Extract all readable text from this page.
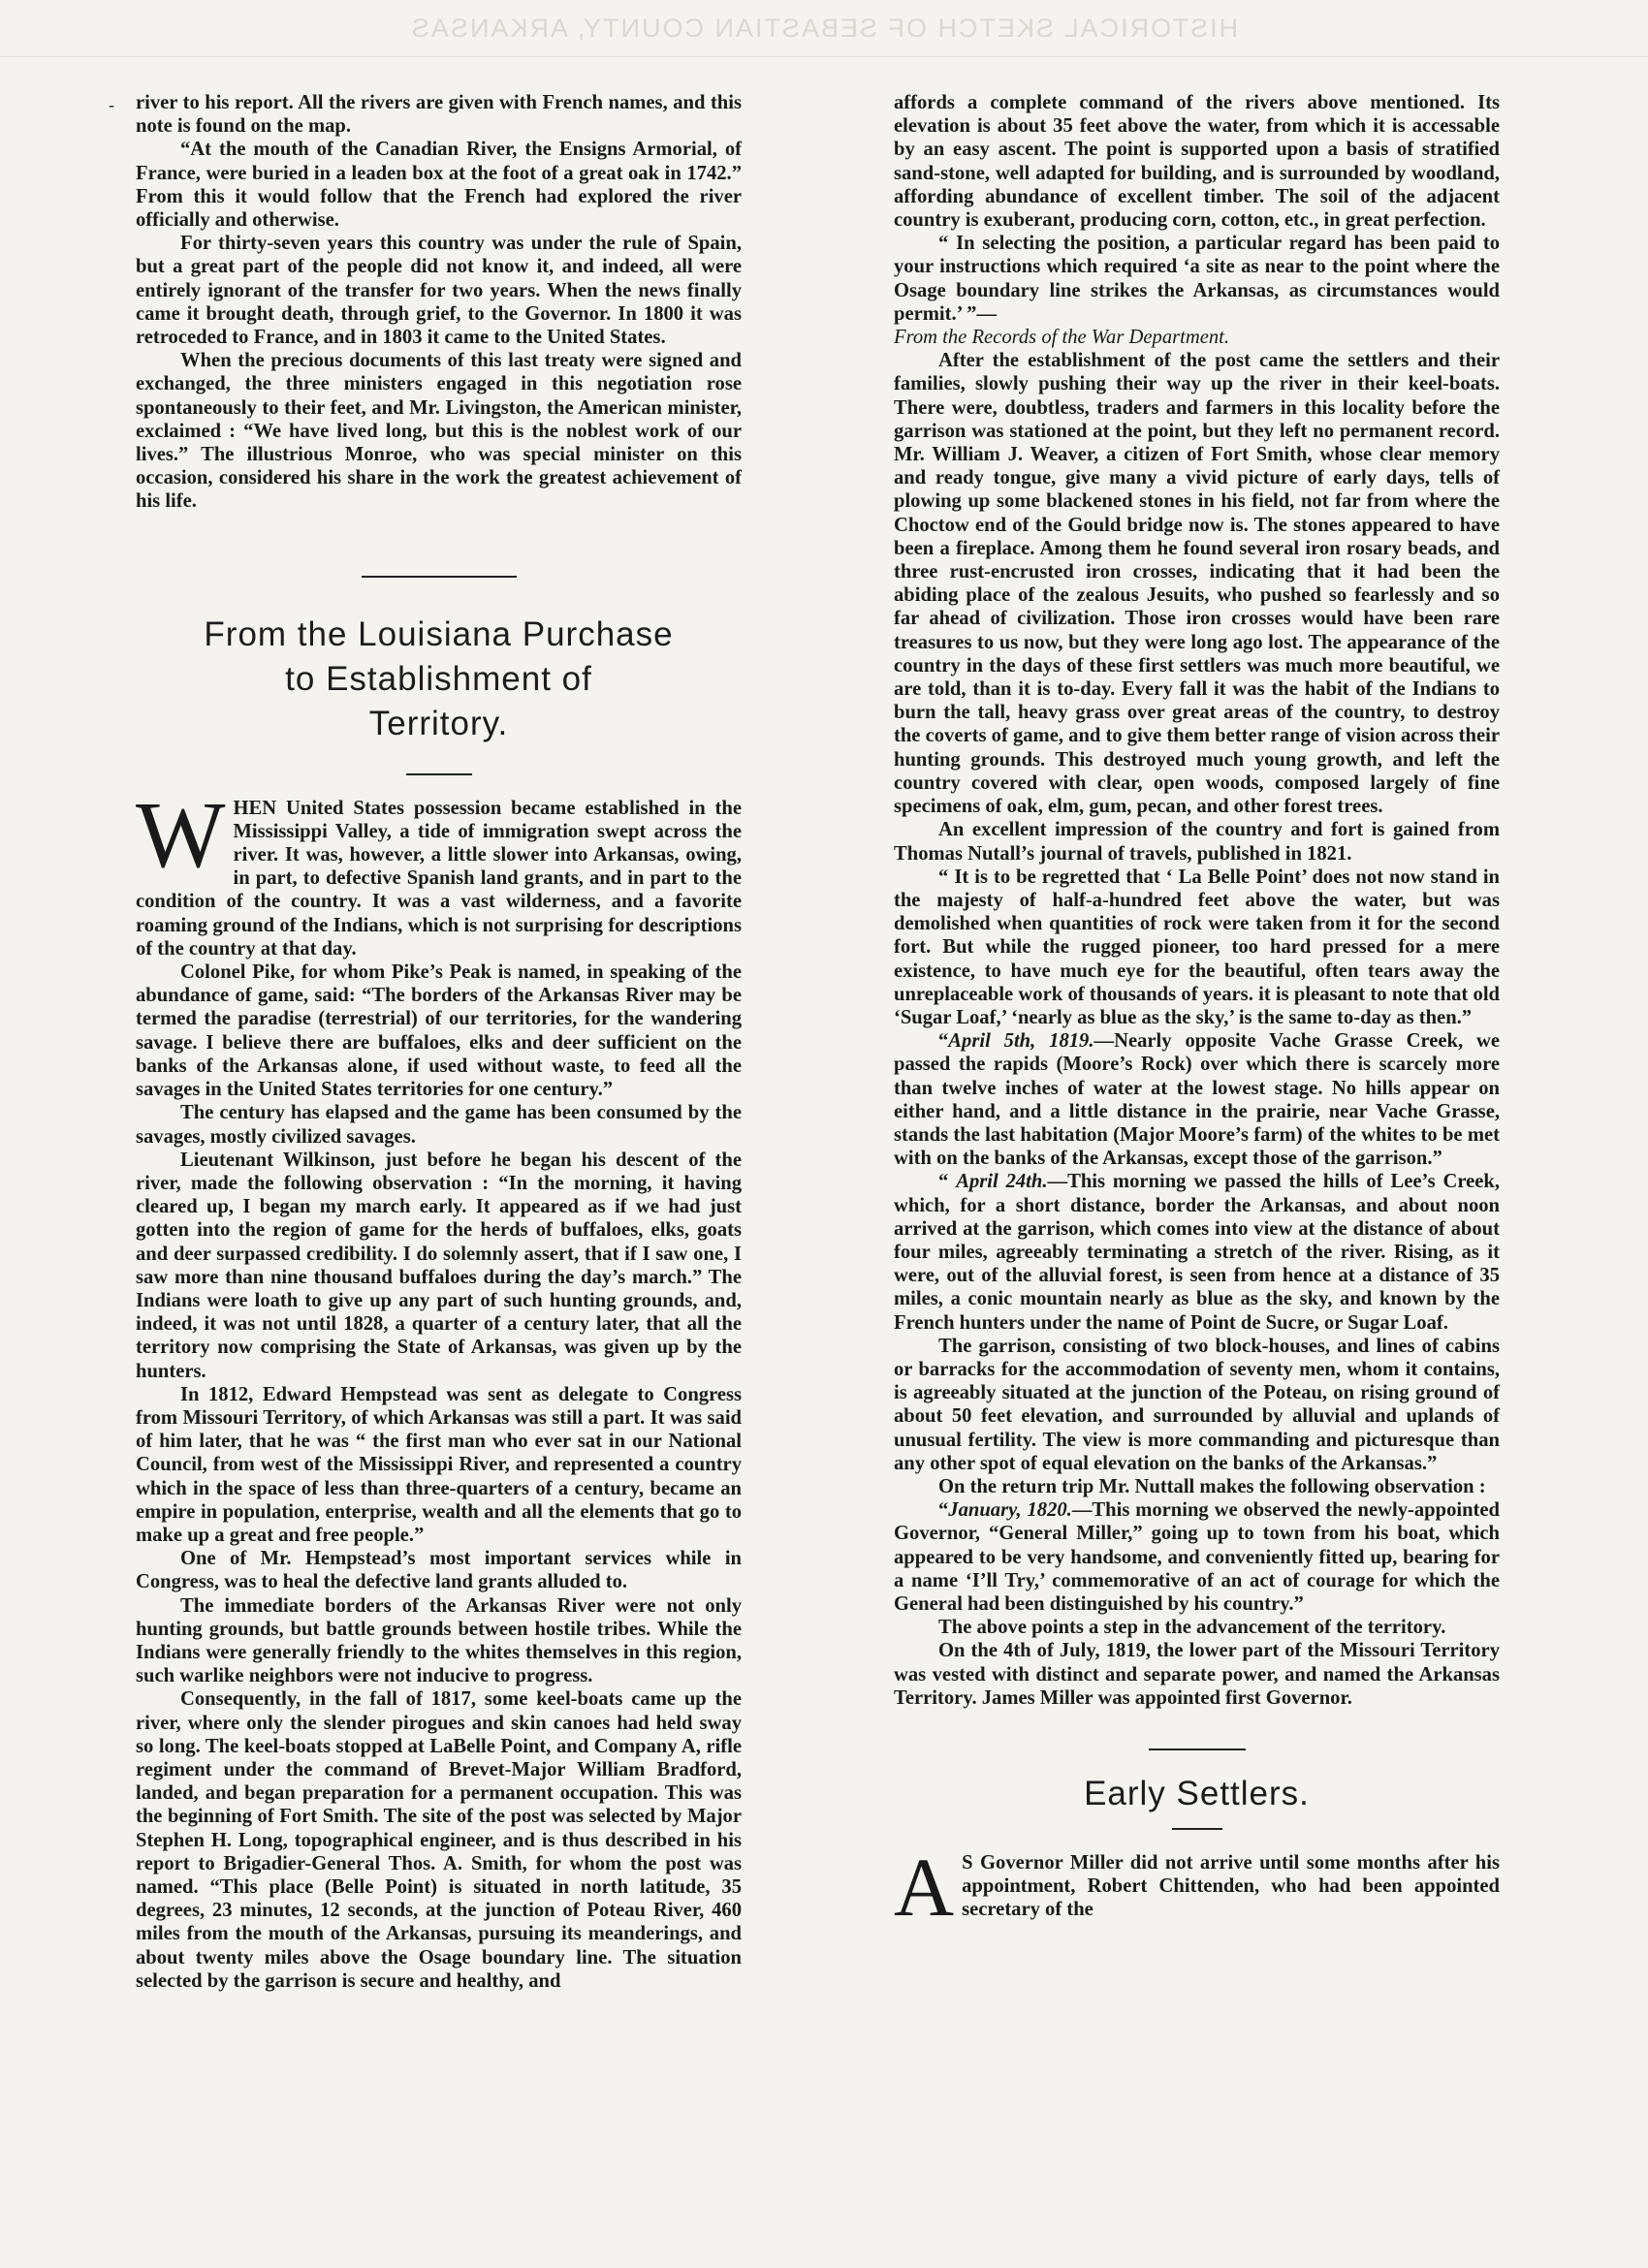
HISTORICAL SKETCH OF SEBASTIAN COUNTY, ARKANSAS
- river to his report. All the rivers are given with French names, and this note is found on the map.

“At the mouth of the Canadian River, the Ensigns Armorial, of France, were buried in a leaden box at the foot of a great oak in 1742.” From this it would follow that the French had explored the river officially and otherwise.

For thirty-seven years this country was under the rule of Spain, but a great part of the people did not know it, and indeed, all were entirely ignorant of the transfer for two years. When the news finally came it brought death, through grief, to the Governor. In 1800 it was retroceded to France, and in 1803 it came to the United States.

When the precious documents of this last treaty were signed and exchanged, the three ministers engaged in this negotiation rose spontaneously to their feet, and Mr. Livingston, the American minister, exclaimed : “We have lived long, but this is the noblest work of our lives.” The illustrious Monroe, who was special minister on this occasion, considered his share in the work the greatest achievement of his life.

From the Louisiana Purchase
to Establishment of
Territory.

WHEN United States possession became established in the Mississippi Valley, a tide of immigration swept across the river. It was, however, a little slower into Arkansas, owing, in part, to defective Spanish land grants, and in part to the condition of the country. It was a vast wilderness, and a favorite roaming ground of the Indians, which is not surprising for descriptions of the country at that day.

Colonel Pike, for whom Pike’s Peak is named, in speaking of the abundance of game, said: “The borders of the Arkansas River may be termed the paradise (terrestrial) of our territories, for the wandering savage. I believe there are buffaloes, elks and deer sufficient on the banks of the Arkansas alone, if used without waste, to feed all the savages in the United States territories for one century.”

The century has elapsed and the game has been consumed by the savages, mostly civilized savages.

Lieutenant Wilkinson, just before he began his descent of the river, made the following observation : “In the morning, it having cleared up, I began my march early. It appeared as if we had just gotten into the region of game for the herds of buffaloes, elks, goats and deer surpassed credibility. I do solemnly assert, that if I saw one, I saw more than nine thousand buffaloes during the day’s march.” The Indians were loath to give up any part of such hunting grounds, and, indeed, it was not until 1828, a quarter of a century later, that all the territory now comprising the State of Arkansas, was given up by the hunters.

In 1812, Edward Hempstead was sent as delegate to Congress from Missouri Territory, of which Arkansas was still a part. It was said of him later, that he was “ the first man who ever sat in our National Council, from west of the Mississippi River, and represented a country which in the space of less than three-quarters of a century, became an empire in population, enterprise, wealth and all the elements that go to make up a great and free people.”

One of Mr. Hempstead’s most important services while in Congress, was to heal the defective land grants alluded to.

The immediate borders of the Arkansas River were not only hunting grounds, but battle grounds between hostile tribes. While the Indians were generally friendly to the whites themselves in this region, such warlike neighbors were not inducive to progress.

Consequently, in the fall of 1817, some keel-boats came up the river, where only the slender pirogues and skin canoes had held sway so long. The keel-boats stopped at LaBelle Point, and Company A, rifle regiment under the command of Brevet-Major William Bradford, landed, and began preparation for a permanent occupation. This was the beginning of Fort Smith. The site of the post was selected by Major Stephen H. Long, topographical engineer, and is thus described in his report to Brigadier-General Thos. A. Smith, for whom the post was named. “This place (Belle Point) is situated in north latitude, 35 degrees, 23 minutes, 12 seconds, at the junction of Poteau River, 460 miles from the mouth of the Arkansas, pursuing its meanderings, and about twenty miles above the Osage boundary line. The situation selected by the garrison is secure and healthy, and

affords a complete command of the rivers above mentioned. Its elevation is about 35 feet above the water, from which it is accessable by an easy ascent. The point is supported upon a basis of stratified sand-stone, well adapted for building, and is surrounded by woodland, affording abundance of excellent timber. The soil of the adjacent country is exuberant, producing corn, cotton, etc., in great perfection.

“ In selecting the position, a particular regard has been paid to your instructions which required ‘a site as near to the point where the Osage boundary line strikes the Arkansas, as circumstances would permit.’ ”—

From the Records of the War Department.

After the establishment of the post came the settlers and their families, slowly pushing their way up the river in their keel-boats. There were, doubtless, traders and farmers in this locality before the garrison was stationed at the point, but they left no permanent record. Mr. William J. Weaver, a citizen of Fort Smith, whose clear memory and ready tongue, give many a vivid picture of early days, tells of plowing up some blackened stones in his field, not far from where the Choctow end of the Gould bridge now is. The stones appeared to have been a fireplace. Among them he found several iron rosary beads, and three rust-encrusted iron crosses, indicating that it had been the abiding place of the zealous Jesuits, who pushed so fearlessly and so far ahead of civilization. Those iron crosses would have been rare treasures to us now, but they were long ago lost. The appearance of the country in the days of these first settlers was much more beautiful, we are told, than it is to-day. Every fall it was the habit of the Indians to burn the tall, heavy grass over great areas of the country, to destroy the coverts of game, and to give them better range of vision across their hunting grounds. This destroyed much young growth, and left the country covered with clear, open woods, composed largely of fine specimens of oak, elm, gum, pecan, and other forest trees.

An excellent impression of the country and fort is gained from Thomas Nutall’s journal of travels, published in 1821.

“ It is to be regretted that ‘ La Belle Point’ does not now stand in the majesty of half-a-hundred feet above the water, but was demolished when quantities of rock were taken from it for the second fort. But while the rugged pioneer, too hard pressed for a mere existence, to have much eye for the beautiful, often tears away the unreplaceable work of thousands of years. it is pleasant to note that old ‘Sugar Loaf,’ ‘nearly as blue as the sky,’ is the same to-day as then.”

“April 5th, 1819.—Nearly opposite Vache Grasse Creek, we passed the rapids (Moore’s Rock) over which there is scarcely more than twelve inches of water at the lowest stage. No hills appear on either hand, and a little distance in the prairie, near Vache Grasse, stands the last habitation (Major Moore’s farm) of the whites to be met with on the banks of the Arkansas, except those of the garrison.”

“ April 24th.—This morning we passed the hills of Lee’s Creek, which, for a short distance, border the Arkansas, and about noon arrived at the garrison, which comes into view at the distance of about four miles, agreeably terminating a stretch of the river. Rising, as it were, out of the alluvial forest, is seen from hence at a distance of 35 miles, a conic mountain nearly as blue as the sky, and known by the French hunters under the name of Point de Sucre, or Sugar Loaf.

The garrison, consisting of two block-houses, and lines of cabins or barracks for the accommodation of seventy men, whom it contains, is agreeably situated at the junction of the Poteau, on rising ground of about 50 feet elevation, and surrounded by alluvial and uplands of unusual fertility. The view is more commanding and picturesque than any other spot of equal elevation on the banks of the Arkansas.”

On the return trip Mr. Nuttall makes the following observation :

“January, 1820.—This morning we observed the newly-appointed Governor, “General Miller,” going up to town from his boat, which appeared to be very handsome, and conveniently fitted up, bearing for a name ‘I’ll Try,’ commemorative of an act of courage for which the General had been distinguished by his country.”

The above points a step in the advancement of the territory.

On the 4th of July, 1819, the lower part of the Missouri Territory was vested with distinct and separate power, and named the Arkansas Territory. James Miller was appointed first Governor.

Early Settlers.

A S Governor Miller did not arrive until some months after his appointment, Robert Chittenden, who had been appointed secretary of the
